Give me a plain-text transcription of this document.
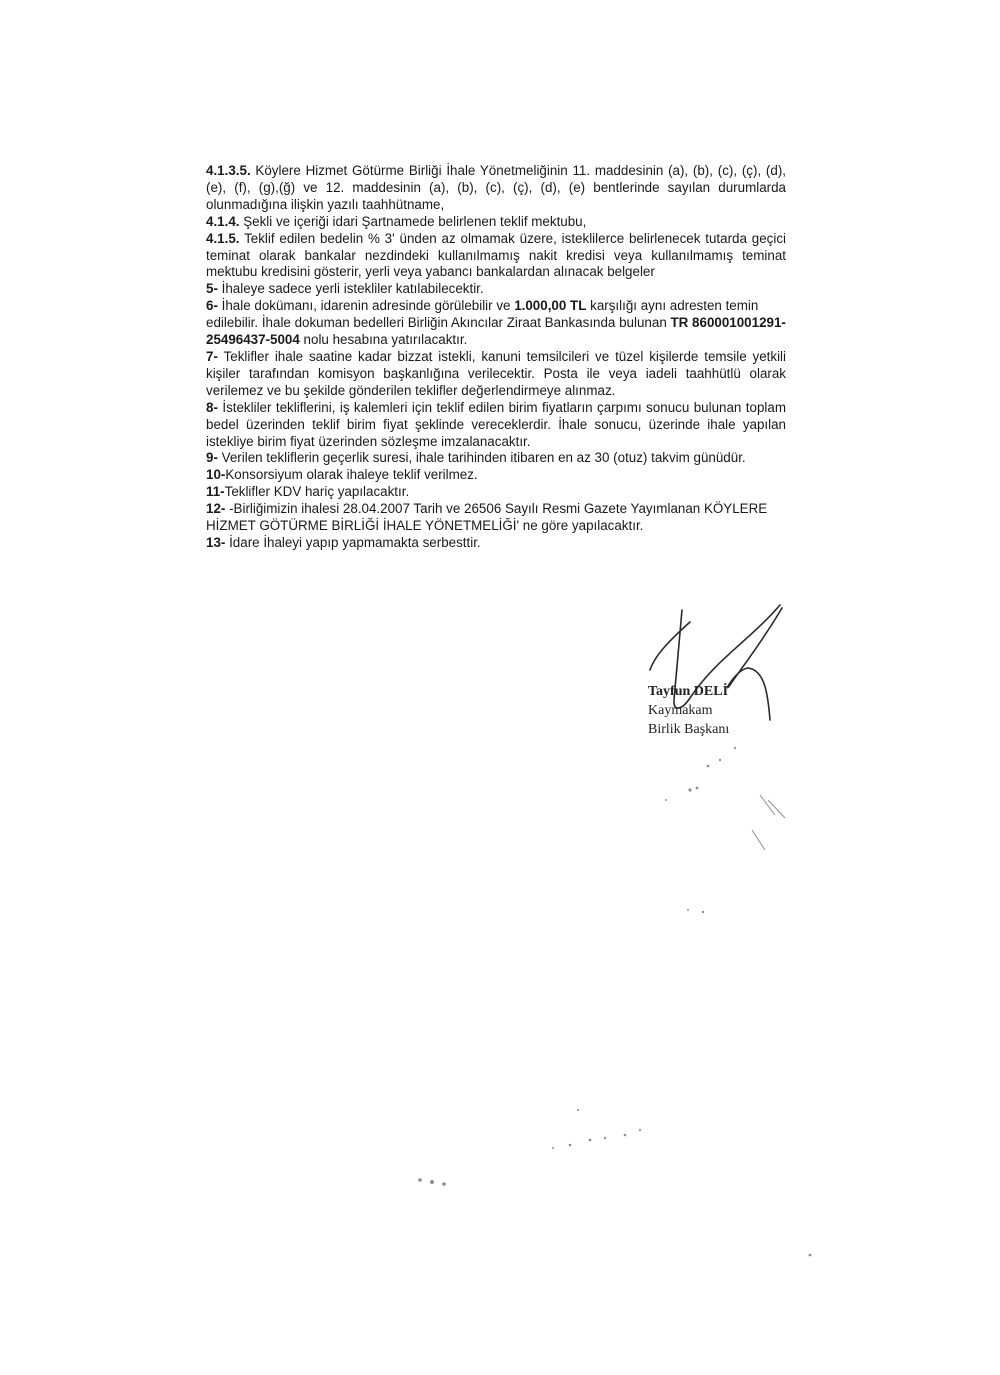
4.1.3.5. Köylere Hizmet Götürme Birliği İhale Yönetmeliğinin 11. maddesinin (a), (b), (c), (ç), (d), (e), (f), (g),(ğ) ve 12. maddesinin (a), (b), (c), (ç), (d), (e) bentlerinde sayılan durumlarda olunmadığına ilişkin yazılı taahhütname,

4.1.4. Şekli ve içeriği idari Şartnamede belirlenen teklif mektubu,

4.1.5. Teklif edilen bedelin % 3' ünden az olmamak üzere, isteklilerce belirlenecek tutarda geçici teminat olarak bankalar nezdindeki kullanılmamış nakit kredisi veya kullanılmamış teminat mektubu kredisini gösterir, yerli veya yabancı bankalardan alınacak belgeler

5- İhaleye sadece yerli istekliler katılabilecektir.

6- İhale dokümanı, idarenin adresinde görülebilir ve 1.000,00 TL karşılığı aynı adresten temin edilebilir. İhale dokuman bedelleri Birliğin Akıncılar Ziraat Bankasında bulunan TR 860001001291-25496437-5004 nolu hesabına yatırılacaktır.

7- Teklifler ihale saatine kadar bizzat istekli, kanuni temsilcileri ve tüzel kişilerde temsile yetkili kişiler tarafından komisyon başkanlığına verilecektir. Posta ile veya iadeli taahhütlü olarak verilemez ve bu şekilde gönderilen teklifler değerlendirmeye alınmaz.

8- İstekliler tekliflerini, iş kalemleri için teklif edilen birim fiyatların çarpımı sonucu bulunan toplam bedel üzerinden teklif birim fiyat şeklinde vereceklerdir. İhale sonucu, üzerinde ihale yapılan istekliye birim fiyat üzerinden sözleşme imzalanacaktır.

9- Verilen tekliflerin geçerlik suresi, ihale tarihinden itibaren en az 30 (otuz) takvim günüdür.

10-Konsorsiyum olarak ihaleye teklif verilmez.

11-Teklifler KDV hariç yapılacaktır.

12- -Birliğimizin ihalesi 28.04.2007 Tarih ve 26506 Sayılı Resmi Gazete Yayımlanan KÖYLERE HİZMET GÖTÜRME BİRLİĞİ İHALE YÖNETMELİĞİ' ne göre yapılacaktır.

13- İdare İhaleyi yapıp yapmamakta serbesttir.

Tayfun DELİ
Kaymakam
Birlik Başkanı
